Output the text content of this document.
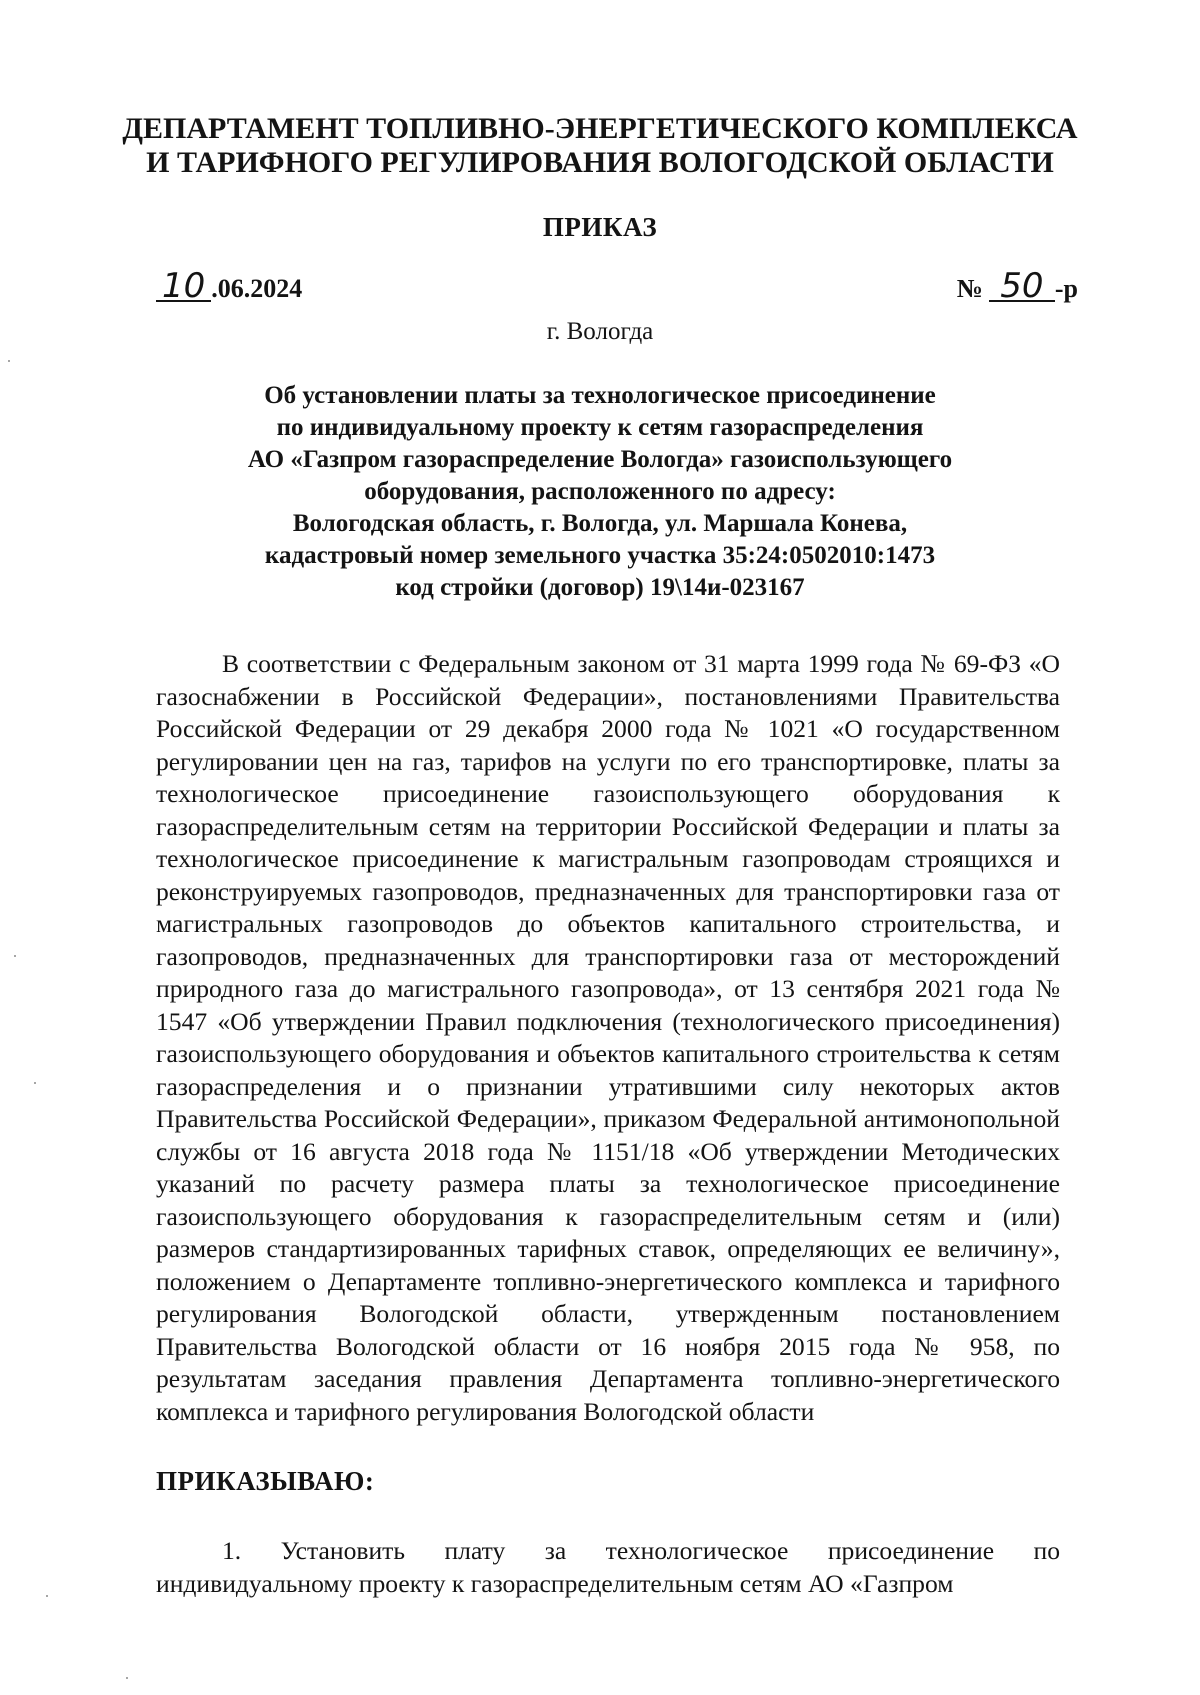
ДЕПАРТАМЕНТ ТОПЛИВНО-ЭНЕРГЕТИЧЕСКОГО КОМПЛЕКСА
И ТАРИФНОГО РЕГУЛИРОВАНИЯ ВОЛОГОДСКОЙ ОБЛАСТИ
ПРИКАЗ
10 .06.2024	№ 50 -р
г. Вологда
Об установлении платы за технологическое присоединение
по индивидуальному проекту к сетям газораспределения
АО «Газпром газораспределение Вологда» газоиспользующего
оборудования, расположенного по адресу:
Вологодская область, г. Вологда, ул. Маршала Конева,
кадастровый номер земельного участка 35:24:0502010:1473
код стройки (договор) 19\14и-023167

В соответствии с Федеральным законом от 31 марта 1999 года № 69-ФЗ «О газоснабжении в Российской Федерации», постановлениями Правительства Российской Федерации от 29 декабря 2000 года № 1021 «О государственном регулировании цен на газ, тарифов на услуги по его транспортировке, платы за технологическое присоединение газоиспользующего оборудования к газораспределительным сетям на территории Российской Федерации и платы за технологическое присоединение к магистральным газопроводам строящихся и реконструируемых газопроводов, предназначенных для транспортировки газа от магистральных газопроводов до объектов капитального строительства, и газопроводов, предназначенных для транспортировки газа от месторождений природного газа до магистрального газопровода», от 13 сентября 2021 года № 1547 «Об утверждении Правил подключения (технологического присоединения) газоиспользующего оборудования и объектов капитального строительства к сетям газораспределения и о признании утратившими силу некоторых актов Правительства Российской Федерации», приказом Федеральной антимонопольной службы от 16 августа 2018 года № 1151/18 «Об утверждении Методических указаний по расчету размера платы за технологическое присоединение газоиспользующего оборудования к газораспределительным сетям и (или) размеров стандартизированных тарифных ставок, определяющих ее величину», положением о Департаменте топливно-энергетического комплекса и тарифного регулирования Вологодской области, утвержденным постановлением Правительства Вологодской области от 16 ноября 2015 года № 958, по результатам заседания правления Департамента топливно-энергетического комплекса и тарифного регулирования Вологодской области

ПРИКАЗЫВАЮ:

1. Установить плату за технологическое присоединение по индивидуальному проекту к газораспределительным сетям АО «Газпром
